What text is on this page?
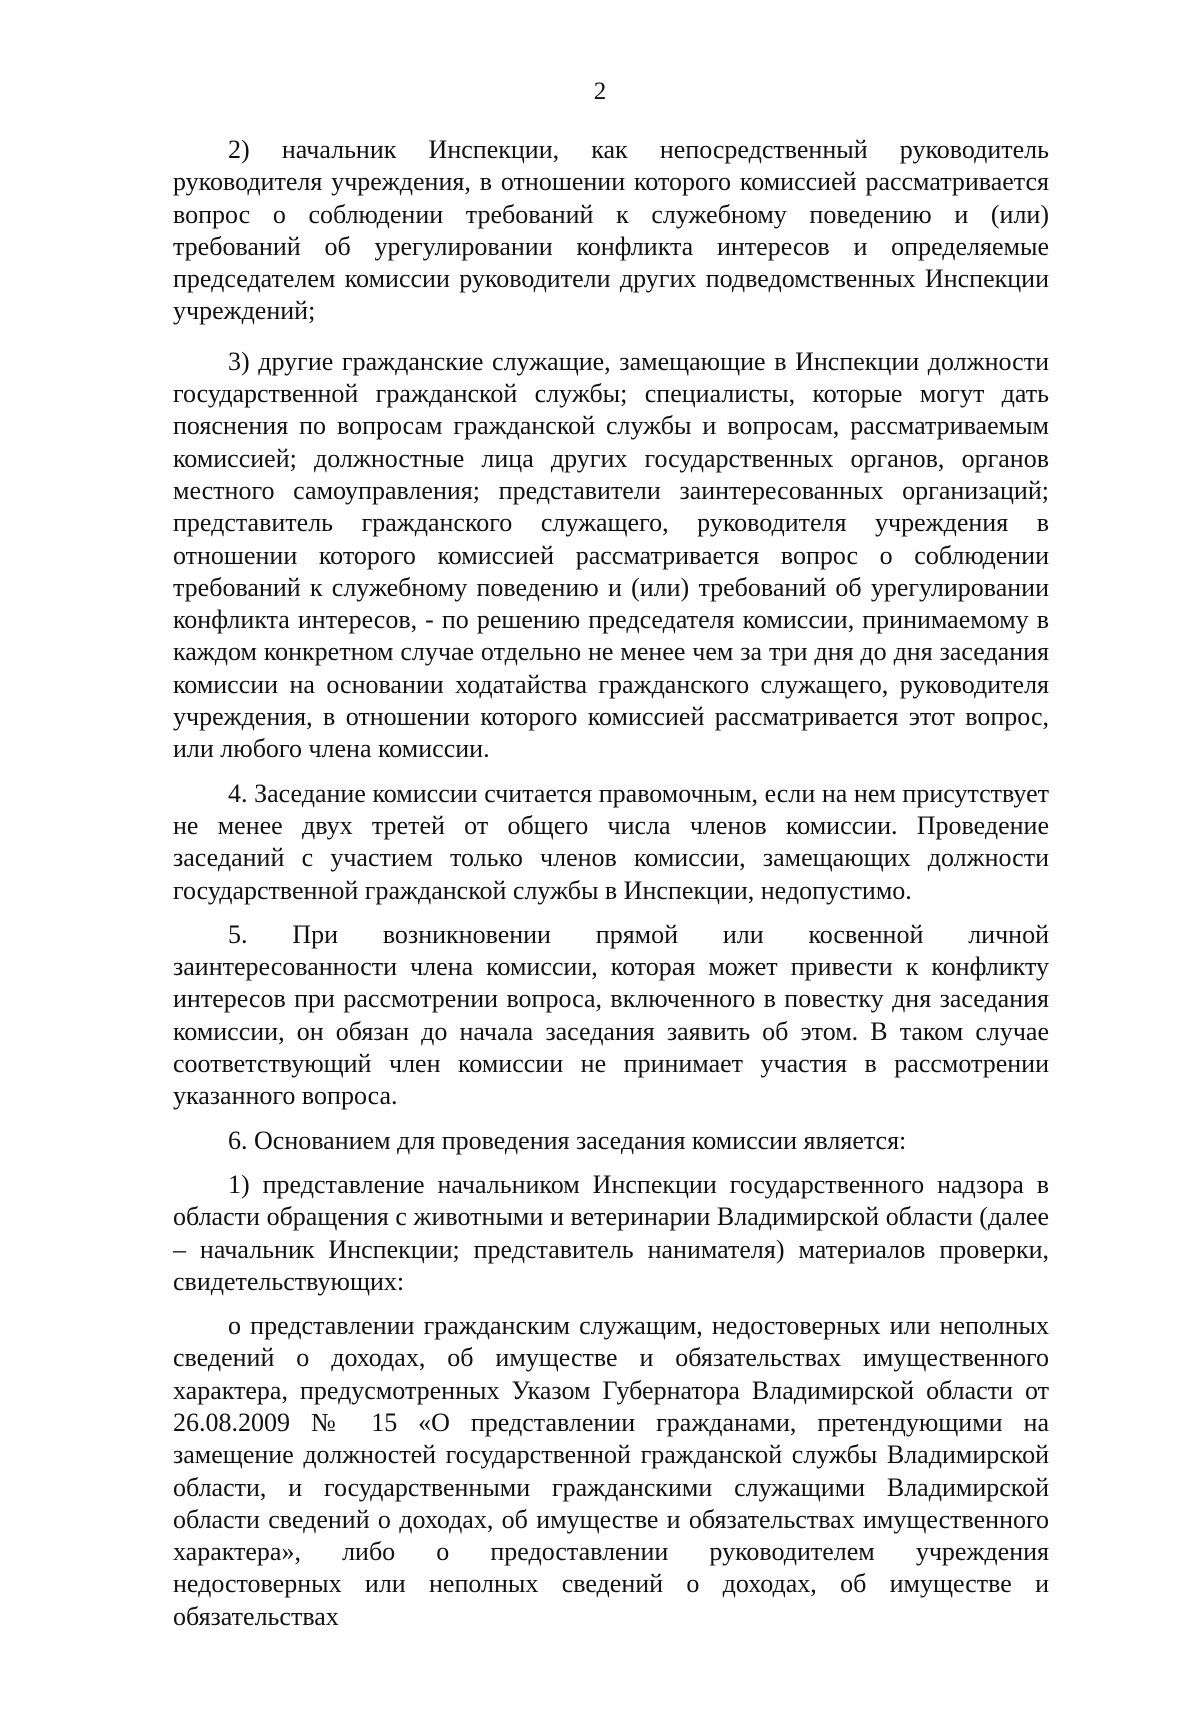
2

2) начальник Инспекции, как непосредственный руководитель руководителя учреждения, в отношении которого комиссией рассматривается вопрос о соблюдении требований к служебному поведению и (или) требований об урегулировании конфликта интересов и определяемые председателем комиссии руководители других подведомственных Инспекции учреждений;

3) другие гражданские служащие, замещающие в Инспекции должности государственной гражданской службы; специалисты, которые могут дать пояснения по вопросам гражданской службы и вопросам, рассматриваемым комиссией; должностные лица других государственных органов, органов местного самоуправления; представители заинтересованных организаций; представитель гражданского служащего, руководителя учреждения в отношении которого комиссией рассматривается вопрос о соблюдении требований к служебному поведению и (или) требований об урегулировании конфликта интересов, - по решению председателя комиссии, принимаемому в каждом конкретном случае отдельно не менее чем за три дня до дня заседания комиссии на основании ходатайства гражданского служащего, руководителя учреждения, в отношении которого комиссией рассматривается этот вопрос, или любого члена комиссии.

4. Заседание комиссии считается правомочным, если на нем присутствует не менее двух третей от общего числа членов комиссии. Проведение заседаний с участием только членов комиссии, замещающих должности государственной гражданской службы в Инспекции, недопустимо.

5. При возникновении прямой или косвенной личной заинтересованности члена комиссии, которая может привести к конфликту интересов при рассмотрении вопроса, включенного в повестку дня заседания комиссии, он обязан до начала заседания заявить об этом. В таком случае соответствующий член комиссии не принимает участия в рассмотрении указанного вопроса.

6. Основанием для проведения заседания комиссии является:

1) представление начальником Инспекции государственного надзора в области обращения с животными и ветеринарии Владимирской области (далее – начальник Инспекции; представитель нанимателя) материалов проверки, свидетельствующих:

о представлении гражданским служащим, недостоверных или неполных сведений о доходах, об имуществе и обязательствах имущественного характера, предусмотренных Указом Губернатора Владимирской области от 26.08.2009 № 15 «О представлении гражданами, претендующими на замещение должностей государственной гражданской службы Владимирской области, и государственными гражданскими служащими Владимирской области сведений о доходах, об имуществе и обязательствах имущественного характера», либо о предоставлении руководителем учреждения недостоверных или неполных сведений о доходах, об имуществе и обязательствах
